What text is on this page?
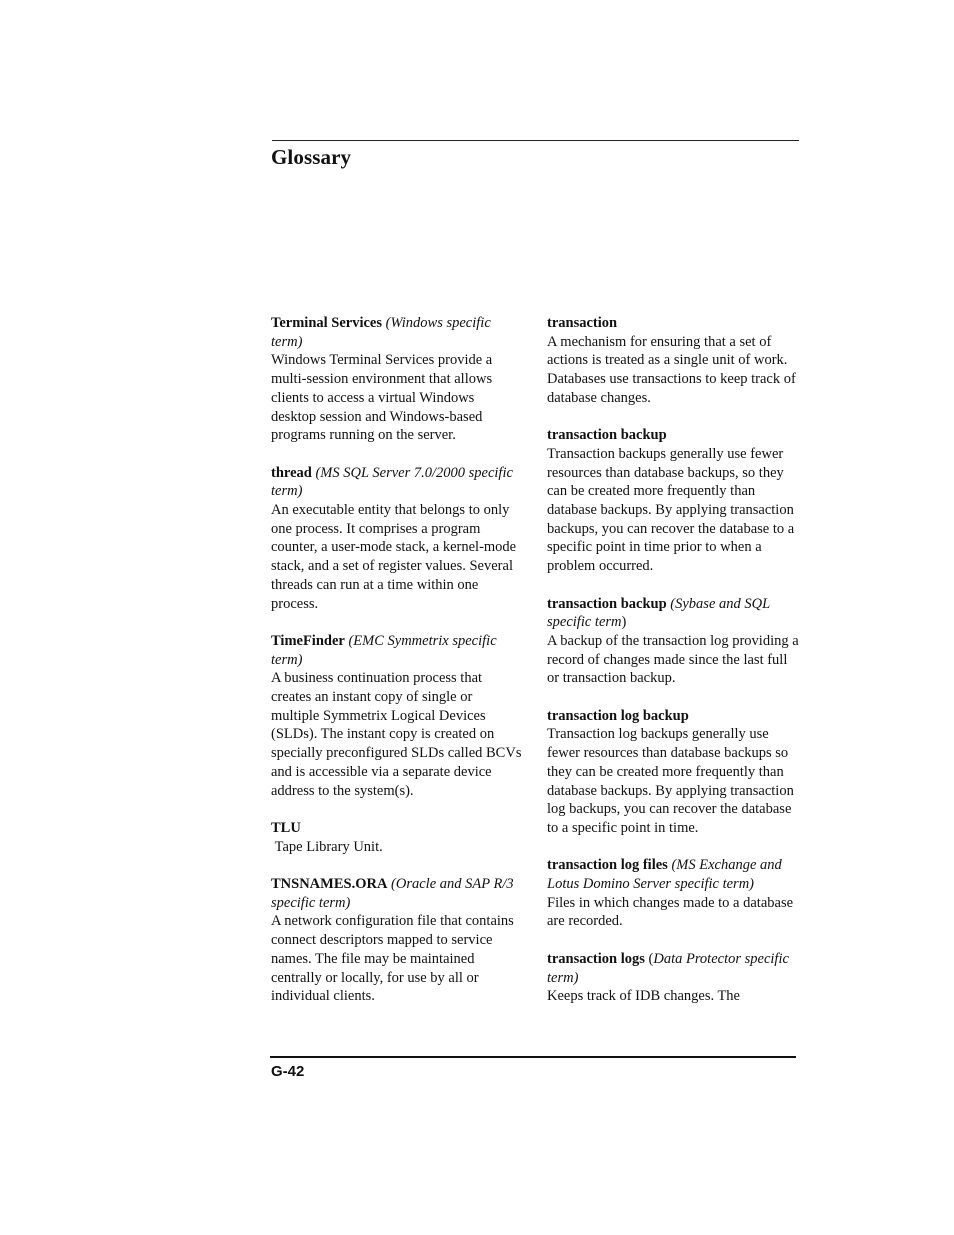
Glossary
Terminal Services (Windows specific term)
Windows Terminal Services provide a multi-session environment that allows clients to access a virtual Windows desktop session and Windows-based programs running on the server.
thread (MS SQL Server 7.0/2000 specific term)
An executable entity that belongs to only one process. It comprises a program counter, a user-mode stack, a kernel-mode stack, and a set of register values. Several threads can run at a time within one process.
TimeFinder (EMC Symmetrix specific term)
A business continuation process that creates an instant copy of single or multiple Symmetrix Logical Devices (SLDs). The instant copy is created on specially preconfigured SLDs called BCVs and is accessible via a separate device address to the system(s).
TLU
Tape Library Unit.
TNSNAMES.ORA (Oracle and SAP R/3 specific term)
A network configuration file that contains connect descriptors mapped to service names. The file may be maintained centrally or locally, for use by all or individual clients.
transaction
A mechanism for ensuring that a set of actions is treated as a single unit of work. Databases use transactions to keep track of database changes.
transaction backup
Transaction backups generally use fewer resources than database backups, so they can be created more frequently than database backups. By applying transaction backups, you can recover the database to a specific point in time prior to when a problem occurred.
transaction backup (Sybase and SQL specific term)
A backup of the transaction log providing a record of changes made since the last full or transaction backup.
transaction log backup
Transaction log backups generally use fewer resources than database backups so they can be created more frequently than database backups. By applying transaction log backups, you can recover the database to a specific point in time.
transaction log files (MS Exchange and Lotus Domino Server specific term)
Files in which changes made to a database are recorded.
transaction logs (Data Protector specific term)
Keeps track of IDB changes. The
G-42
